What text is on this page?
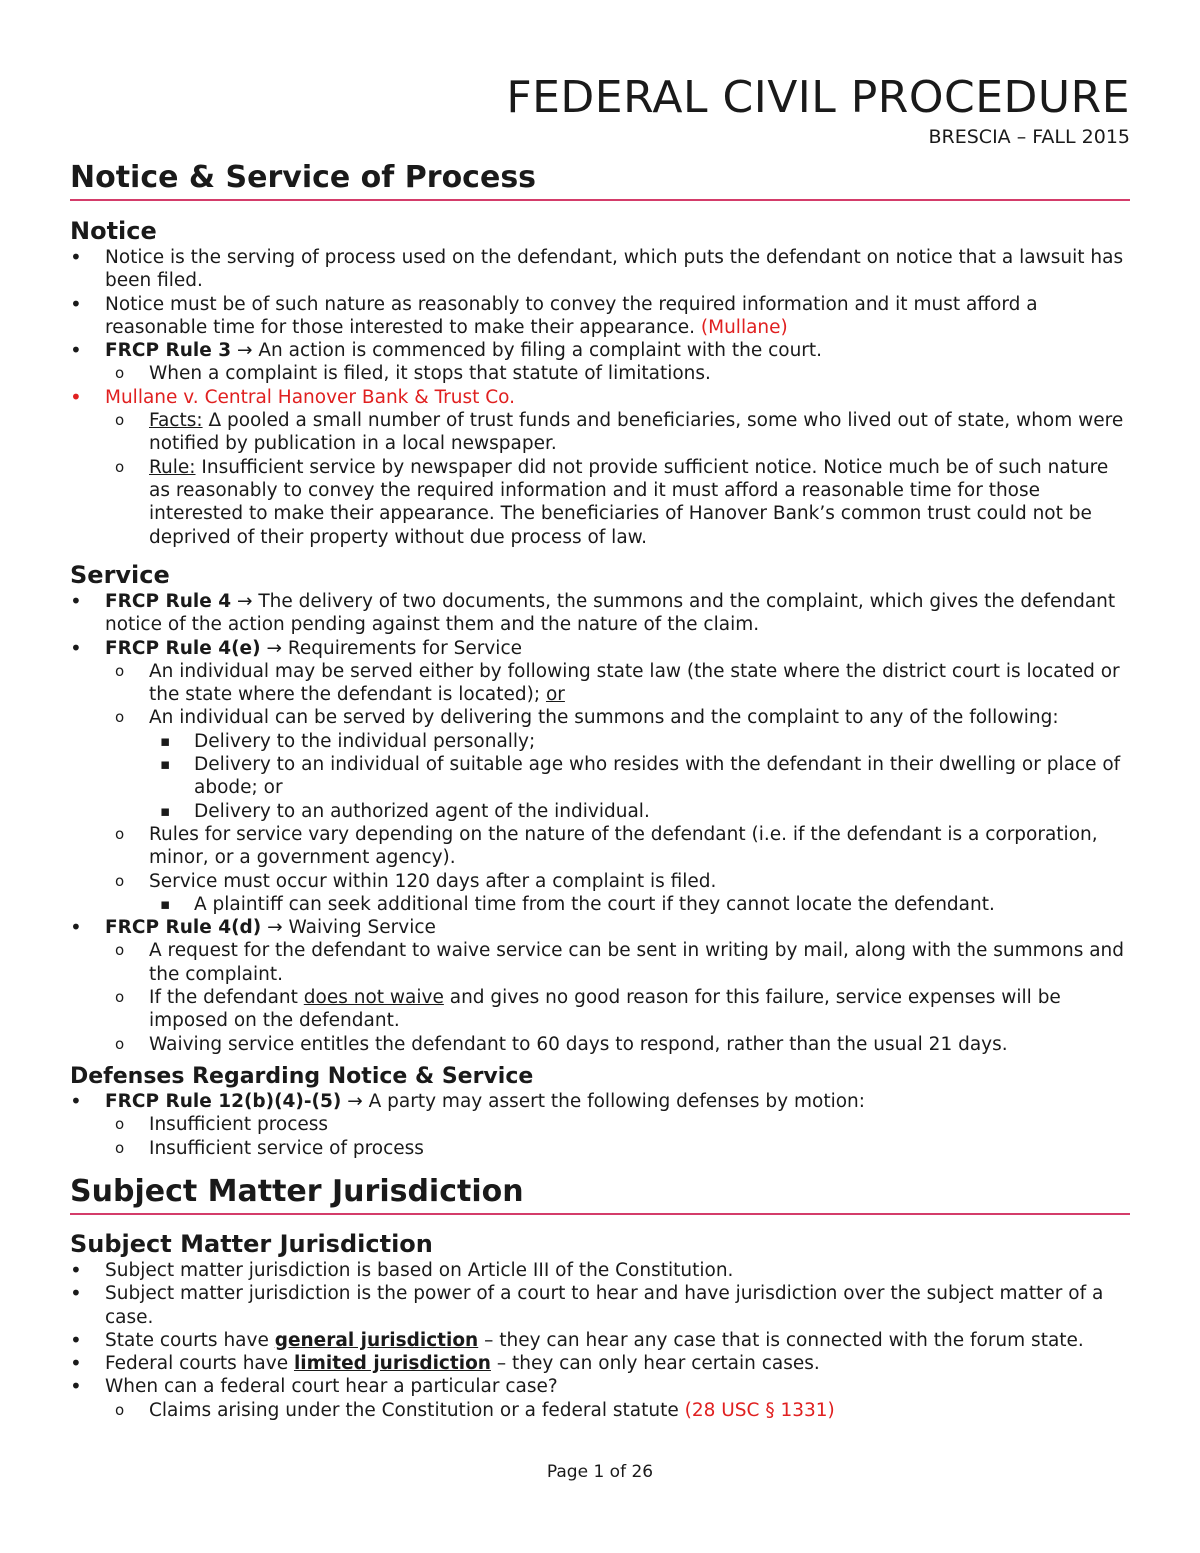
FEDERAL CIVIL PROCEDURE
BRESCIA – FALL 2015
Notice & Service of Process
Notice
• Notice is the serving of process used on the defendant, which puts the defendant on notice that a lawsuit has been filed.
• Notice must be of such nature as reasonably to convey the required information and it must afford a reasonable time for those interested to make their appearance. (Mullane)
• FRCP Rule 3 → An action is commenced by filing a complaint with the court.
o When a complaint is filed, it stops that statute of limitations.
• Mullane v. Central Hanover Bank & Trust Co.
o Facts: Δ pooled a small number of trust funds and beneficiaries, some who lived out of state, whom were notified by publication in a local newspaper.
o Rule: Insufficient service by newspaper did not provide sufficient notice. Notice much be of such nature as reasonably to convey the required information and it must afford a reasonable time for those interested to make their appearance. The beneficiaries of Hanover Bank’s common trust could not be deprived of their property without due process of law.
Service
• FRCP Rule 4 → The delivery of two documents, the summons and the complaint, which gives the defendant notice of the action pending against them and the nature of the claim.
• FRCP Rule 4(e) → Requirements for Service
o An individual may be served either by following state law (the state where the district court is located or the state where the defendant is located); or
o An individual can be served by delivering the summons and the complaint to any of the following:
▪ Delivery to the individual personally;
▪ Delivery to an individual of suitable age who resides with the defendant in their dwelling or place of abode; or
▪ Delivery to an authorized agent of the individual.
o Rules for service vary depending on the nature of the defendant (i.e. if the defendant is a corporation, minor, or a government agency).
o Service must occur within 120 days after a complaint is filed.
▪ A plaintiff can seek additional time from the court if they cannot locate the defendant.
• FRCP Rule 4(d) → Waiving Service
o A request for the defendant to waive service can be sent in writing by mail, along with the summons and the complaint.
o If the defendant does not waive and gives no good reason for this failure, service expenses will be imposed on the defendant.
o Waiving service entitles the defendant to 60 days to respond, rather than the usual 21 days.
Defenses Regarding Notice & Service
• FRCP Rule 12(b)(4)-(5) → A party may assert the following defenses by motion:
o Insufficient process
o Insufficient service of process
Subject Matter Jurisdiction
Subject Matter Jurisdiction
• Subject matter jurisdiction is based on Article III of the Constitution.
• Subject matter jurisdiction is the power of a court to hear and have jurisdiction over the subject matter of a case.
• State courts have general jurisdiction – they can hear any case that is connected with the forum state.
• Federal courts have limited jurisdiction – they can only hear certain cases.
• When can a federal court hear a particular case?
o Claims arising under the Constitution or a federal statute (28 USC § 1331)
Page 1 of 26
